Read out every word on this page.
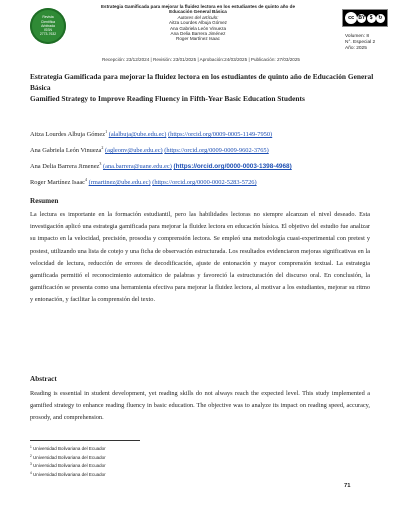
Revista
Científica
Arbitrada
ISSN
2773-7632
Estrategia Gamificada para mejorar la fluidez lectora en los estudiantes de quinto año de
Educación General Básica
Autores del artículo:
Aitza Lourdes Albuja Gómez
Ana Gabriela León Vinueza
Ana Delia Barrera Jiménez
Roger Martínez Isaac
cc BY $	↻
Volumen: 8
N°. Especial 2
Año: 2025
Recepción: 23/12/2024 | Revisión: 23/01/2025 | Aprobación:24/03/2025 | Publicación: 27/03/2025
Estrategia Gamificada para mejorar la fluidez lectora en los estudiantes de quinto año de Educación General Básica
Gamified Strategy to Improve Reading Fluency in Fifth-Year Basic Education Students
Aitza Lourdes Albuja Gómez$^1$ (alalbuja@ube.edu.ec) (https://orcid.org/0009-0005-1149-7950)
Ana Gabriela León Vinueza$^2$ (agleonv@ube.edu.ec) (https://orcid.org/0009-0009-9602-3765)
Ana Delia Barrera Jimenez$^3$ (ana.barrera@uane.edu.ec) (https://orcid.org/0000-0003-1398-4968)
Roger Martínez Isaac$^4$ (rmartinez@ube.edu.ec) (https://orcid.org/0000-0002-5283-5726)
Resumen
La lectura es importante en la formación estudiantil, pero las habilidades lectoras no siempre alcanzan el nivel deseado. Esta investigación aplicó una estrategia gamificada para mejorar la fluidez lectora en educación básica. El objetivo del estudio fue analizar su impacto en la velocidad, precisión, prosodia y comprensión lectora. Se empleó una metodología cuasi-experimental con pretest y postest, utilizando una lista de cotejo y una ficha de observación estructurada. Los resultados evidenciaron mejoras significativas en la velocidad de lectura, reducción de errores de decodificación, ajuste de entonación y mayor comprensión textual. La estrategia gamificada permitió el reconocimiento automático de palabras y favoreció la estructuración del discurso oral. En conclusión, la gamificación se presenta como una herramienta efectiva para mejorar la fluidez lectora, al motivar a los estudiantes, mejorar su ritmo y entonación, y facilitar la comprensión del texto.
Abstract
Reading is essential in student development, yet reading skills do not always reach the expected level. This study implemented a gamified strategy to enhance reading fluency in basic education. The objective was to analyze its impact on reading speed, accuracy, prosody, and comprehension.
$^1$ Universidad Bolivariana del Ecuador
$^2$ Universidad Bolivariana del Ecuador
$^3$ Universidad Bolivariana del Ecuador
$^4$ Universidad Bolivariana del Ecuador
71
